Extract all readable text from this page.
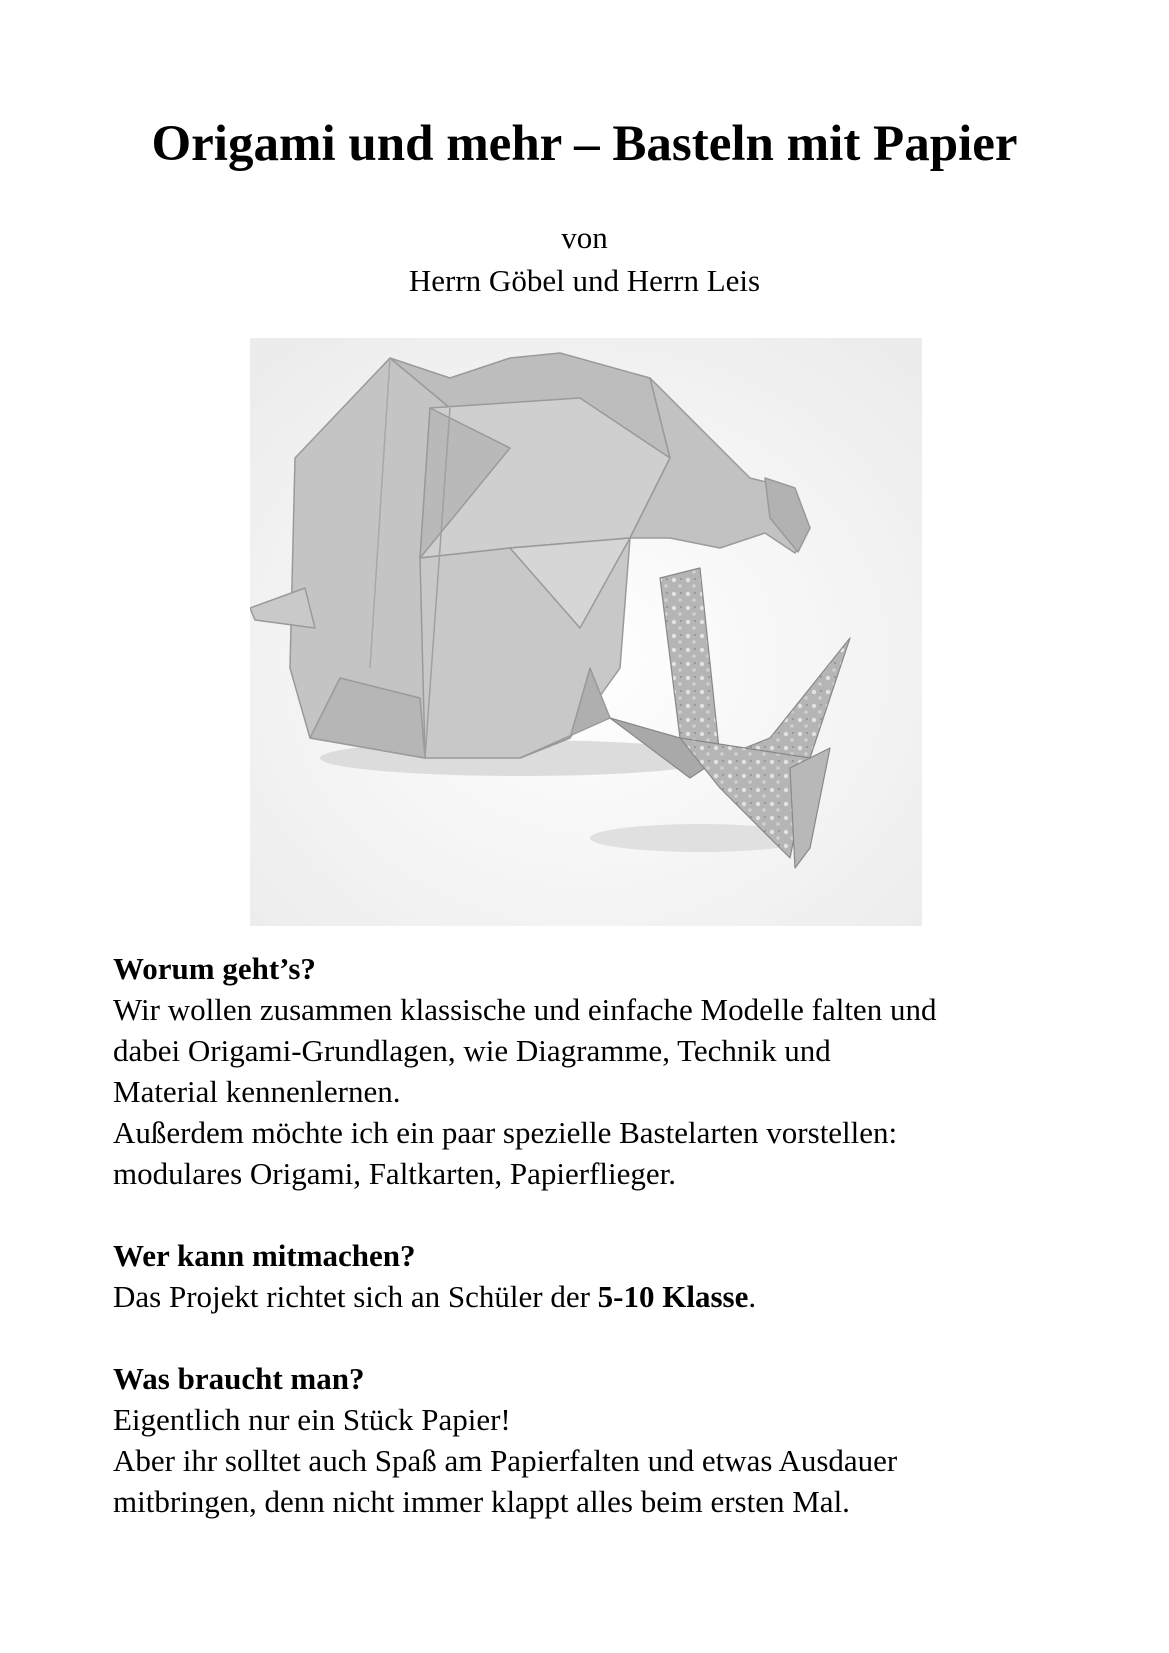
Origami und mehr – Basteln mit Papier
von
Herrn Göbel und Herrn Leis
Worum geht’s?

Wir wollen zusammen klassische und einfache Modelle falten und

dabei Origami-Grundlagen, wie Diagramme, Technik und

Material kennenlernen.

Außerdem möchte ich ein paar spezielle Bastelarten vorstellen:

modulares Origami, Faltkarten, Papierflieger.

Wer kann mitmachen?

Das Projekt richtet sich an Schüler der 5-10 Klasse.

Was braucht man?

Eigentlich nur ein Stück Papier!

Aber ihr solltet auch Spaß am Papierfalten und etwas Ausdauer

mitbringen, denn nicht immer klappt alles beim ersten Mal.
